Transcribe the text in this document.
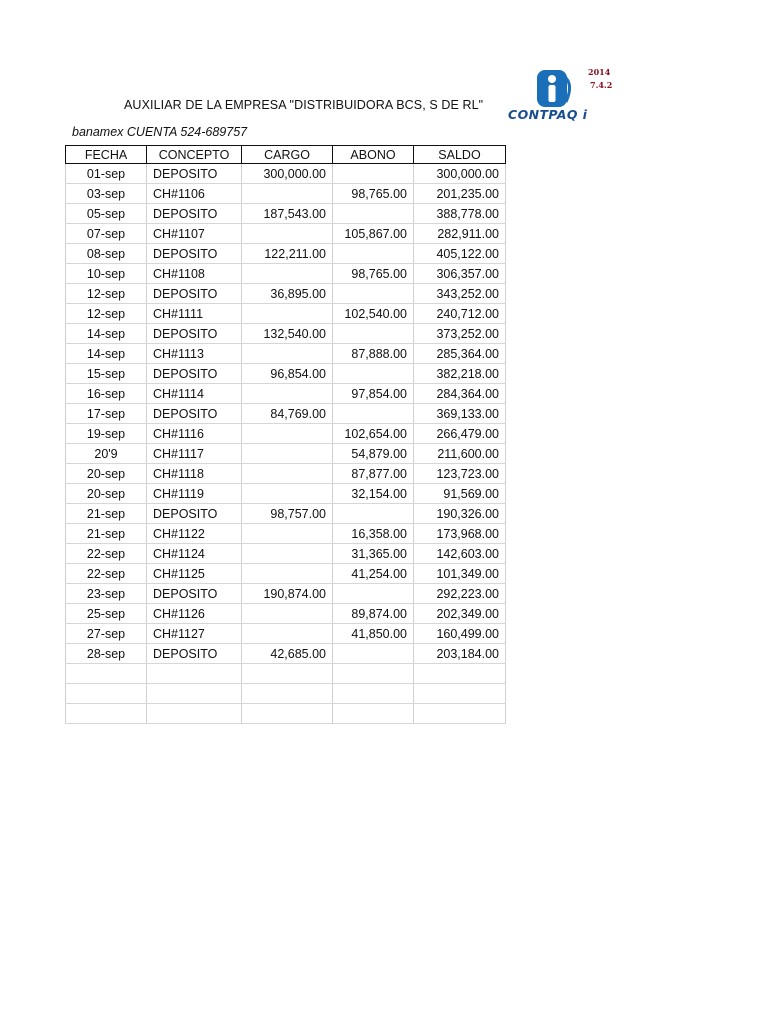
AUXILIAR DE LA EMPRESA "DISTRIBUIDORA BCS, S DE RL"
banamex CUENTA 524-689757
2014
7.4.2
CONTPAQ i
FECHA	CONCEPTO	CARGO	ABONO	SALDO
01-sep	DEPOSITO	300,000.00		300,000.00
03-sep	CH#1106		98,765.00	201,235.00
05-sep	DEPOSITO	187,543.00		388,778.00
07-sep	CH#1107		105,867.00	282,911.00
08-sep	DEPOSITO	122,211.00		405,122.00
10-sep	CH#1108		98,765.00	306,357.00
12-sep	DEPOSITO	36,895.00		343,252.00
12-sep	CH#1111		102,540.00	240,712.00
14-sep	DEPOSITO	132,540.00		373,252.00
14-sep	CH#1113		87,888.00	285,364.00
15-sep	DEPOSITO	96,854.00		382,218.00
16-sep	CH#1114		97,854.00	284,364.00
17-sep	DEPOSITO	84,769.00		369,133.00
19-sep	CH#1116		102,654.00	266,479.00
20'9	CH#1117		54,879.00	211,600.00
20-sep	CH#1118		87,877.00	123,723.00
20-sep	CH#1119		32,154.00	91,569.00
21-sep	DEPOSITO	98,757.00		190,326.00
21-sep	CH#1122		16,358.00	173,968.00
22-sep	CH#1124		31,365.00	142,603.00
22-sep	CH#1125		41,254.00	101,349.00
23-sep	DEPOSITO	190,874.00		292,223.00
25-sep	CH#1126		89,874.00	202,349.00
27-sep	CH#1127		41,850.00	160,499.00
28-sep	DEPOSITO	42,685.00		203,184.00
